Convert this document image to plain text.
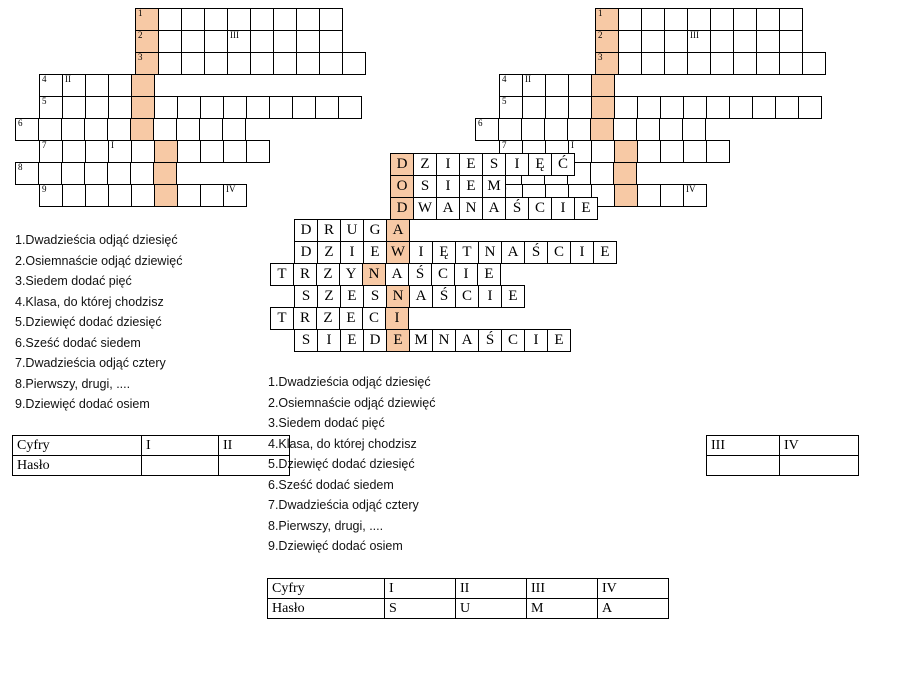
1
2	III
3
4 II
5
6
7	I
8
9	IV
1
2	III
3
4 II
5
6
7	I
IV
D Z	I	E S	I	Ę Ć
O S	I	E M
D W A N A Ś C	I	E
D R U G A
D Z	I	E W I	Ę T N A Ś C	I	E
T R Z Y N A Ś C	I	E
S Z E S N A Ś C	I	E
T R Z E C	I
S	I	E D E M N A Ś C	I	E
1.Dwadzieścia odjąć dziesięć
2.Osiemnaście odjąć dziewięć
3.Siedem dodać pięć
4.Klasa, do której chodzisz
5.Dziewięć dodać dziesięć
6.Sześć dodać siedem
7.Dwadzieścia odjąć cztery
8.Pierwszy, drugi, ....
9.Dziewięć dodać osiem
1.Dwadzieścia odjąć dziesięć
2.Osiemnaście odjąć dziewięć
3.Siedem dodać pięć
4.Klasa, do której chodzisz
5.Dziewięć dodać dziesięć
6.Sześć dodać siedem
7.Dwadzieścia odjąć cztery
8.Pierwszy, drugi, ....
9.Dziewięć dodać osiem
Cyfry	I	II
Hasło		
III	IV

Cyfry	I	II	III	IV
Hasło	S	U	M	A
